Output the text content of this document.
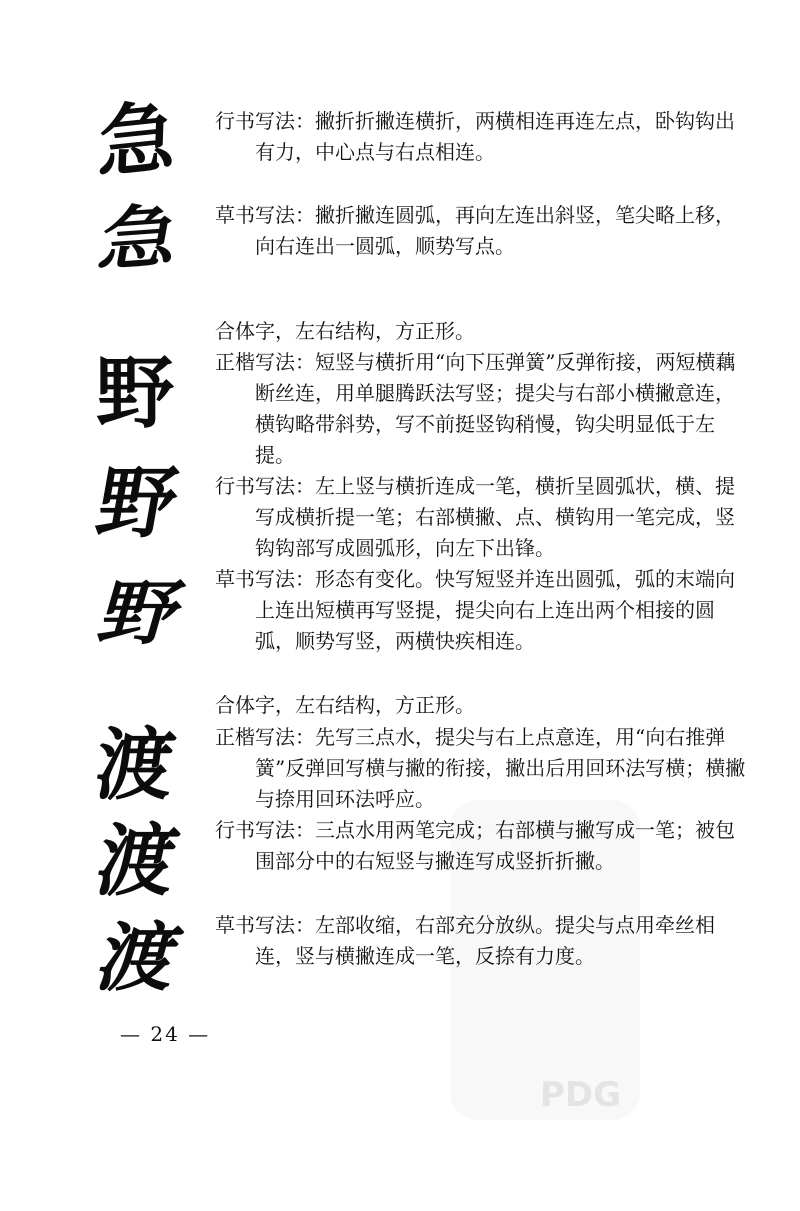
PDG
急
急
野
野
野
渡
渡
渡

行书写法：撇折折撇连横折，两横相连再连左点，卧钩钩出有力，中心点与右点相连。

草书写法：撇折撇连圆弧，再向左连出斜竖，笔尖略上移，向右连出一圆弧，顺势写点。

合体字，左右结构，方正形。

正楷写法：短竖与横折用“向下压弹簧”反弹衔接，两短横藕断丝连，用单腿腾跃法写竖；提尖与右部小横撇意连，横钩略带斜势，写不前挺竖钩稍慢，钩尖明显低于左提。

行书写法：左上竖与横折连成一笔，横折呈圆弧状，横、提写成横折提一笔；右部横撇、点、横钩用一笔完成，竖钩钩部写成圆弧形，向左下出锋。

草书写法：形态有变化。快写短竖并连出圆弧，弧的末端向上连出短横再写竖提，提尖向右上连出两个相接的圆弧，顺势写竖，两横快疾相连。

合体字，左右结构，方正形。

正楷写法：先写三点水，提尖与右上点意连，用“向右推弹簧”反弹回写横与撇的衔接，撇出后用回环法写横；横撇与捺用回环法呼应。

行书写法：三点水用两笔完成；右部横与撇写成一笔；被包围部分中的右短竖与撇连写成竖折折撇。

草书写法：左部收缩，右部充分放纵。提尖与点用牵丝相连，竖与横撇连成一笔，反捺有力度。

— 24 —
